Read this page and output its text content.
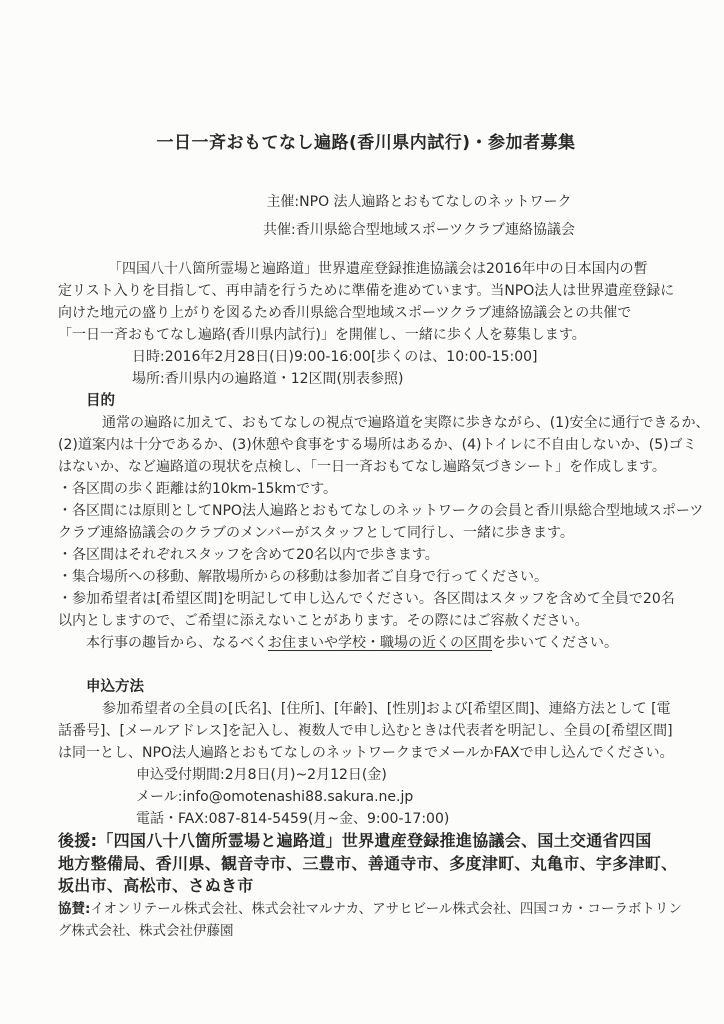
一日一斉おもてなし遍路(香川県内試行)・参加者募集
主催:NPO 法人遍路とおもてなしのネットワーク
共催:香川県総合型地域スポーツクラブ連絡協議会
「四国八十八箇所霊場と遍路道」世界遺産登録推進協議会は2016年中の日本国内の暫
定リスト入りを目指して、再申請を行うために準備を進めています。当NPO法人は世界遺産登録に
向けた地元の盛り上がりを図るため香川県総合型地域スポーツクラブ連絡協議会との共催で
「一日一斉おもてなし遍路(香川県内試行)」を開催し、一緒に歩く人を募集します。
日時:2016年2月28日(日)9:00-16:00[歩くのは、10:00-15:00]
場所:香川県内の遍路道・12区間(別表参照)
目的
通常の遍路に加えて、おもてなしの視点で遍路道を実際に歩きながら、(1)安全に通行できるか、
(2)道案内は十分であるか、(3)休憩や食事をする場所はあるか、(4)トイレに不自由しないか、(5)ゴミ
はないか、など遍路道の現状を点検し、「一日一斉おもてなし遍路気づきシート」を作成します。
・各区間の歩く距離は約10km-15kmです。
・各区間には原則としてNPO法人遍路とおもてなしのネットワークの会員と香川県総合型地域スポーツ
クラブ連絡協議会のクラブのメンバーがスタッフとして同行し、一緒に歩きます。
・各区間はそれぞれスタッフを含めて20名以内で歩きます。
・集合場所への移動、解散場所からの移動は参加者ご自身で行ってください。
・参加希望者は[希望区間]を明記して申し込んでください。各区間はスタッフを含めて全員で20名
以内としますので、ご希望に添えないことがあります。その際にはご容赦ください。
本行事の趣旨から、なるべくお住まいや学校・職場の近くの区間を歩いてください。
申込方法
参加希望者の全員の[氏名]、[住所]、[年齢]、[性別]および[希望区間]、連絡方法として [電
話番号]、[メールアドレス]を記入し、複数人で申し込むときは代表者を明記し、全員の[希望区間]
は同一とし、NPO法人遍路とおもてなしのネットワークまでメールかFAXで申し込んでください。
申込受付期間:2月8日(月)~2月12日(金)
メール:info@omotenashi88.sakura.ne.jp
電話・FAX:087-814-5459(月~金、9:00-17:00)
後援:「四国八十八箇所霊場と遍路道」世界遺産登録推進協議会、国土交通省四国
地方整備局、香川県、観音寺市、三豊市、善通寺市、多度津町、丸亀市、宇多津町、
坂出市、高松市、さぬき市
協賛:イオンリテール株式会社、株式会社マルナカ、アサヒビール株式会社、四国コカ・コーラボトリン
グ株式会社、株式会社伊藤園
